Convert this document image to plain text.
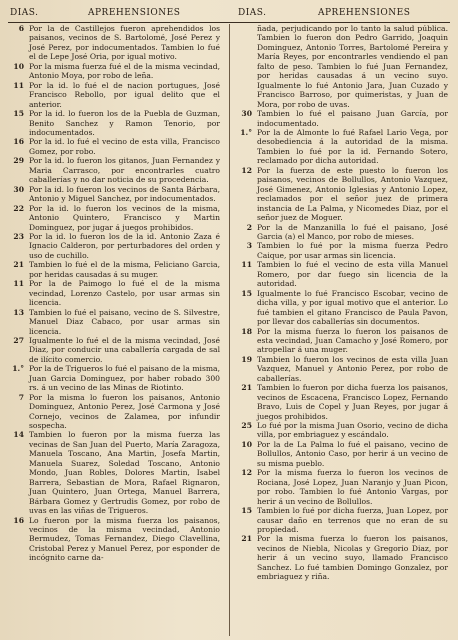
DIAS.	APREHENSIONES	DIAS.	APREHENSIONES
6 Por la de Castillejos fueron aprehendidos los paisanos, vecinos de S. Bartolomé, José Perez y José Perez, por indocumentados. Tambien lo fué el de Lepe José Oria, por igual motivo.
10 Por la misma fuerza fué el de la misma vecindad, Antonio Moya, por robo de leña.
11 Por la id. lo fué el de nacion portugues, José Francisco Rebollo, por igual delito que el anterior.
15 Por la id. lo fueron los de la Puebla de Guzman, Benito Sanchez y Ramon Tenorio, por indocumentados.
16 Por la id. lo fué el vecino de esta villa, Francisco Gomez, por robo.
29 Por la id. lo fueron los gitanos, Juan Fernandez y Maria Carrasco, por encontrarles cuatro caballerías y no dar noticia de su procedencia.
30 Por la id. lo fueron los vecinos de Santa Bárbara, Antonio y Miguel Sanchez, por indocumentados.
22 Por la id. lo fueron los vecinos de la misma, Antonio Quintero, Francisco y Martin Dominguez, por jugar á juegos prohibidos.
23 Por la id. lo fueron los de la id. Antonio Zaza é Ignacio Calderon, por perturbadores del orden y uso de cuchillo.
21 Tambien lo fué el de la misma, Feliciano Garcia, por heridas causadas á su muger.
11 Por la de Paimogo lo fué el de la misma vecindad, Lorenzo Castelo, por usar armas sin licencia.
13 Tambien lo fué el paisano, vecino de S. Silvestre, Manuel Diaz Cabaco, por usar armas sin licencia.
27 Igualmente lo fué el de la misma vecindad, José Diaz, por conducir una caballería cargada de sal de ilícito comercio.
1.° Por la de Trigueros lo fué el paisano de la misma, Juan Garcia Dominguez, por haber robado 300 rs. á un vecino de las Minas de Riotinto.
7 Por la misma lo fueron los paisanos, Antonio Dominguez, Antonio Perez, José Carmona y José Cornejo, vecinos de Zalamea, por infundir sospecha.
14 Tambien lo fueron por la misma fuerza las vecinas de San Juan del Puerto, María Zaragoza, Manuela Toscano, Ana Martin, Josefa Martin, Manuela Suarez, Soledad Toscano, Antonio Mondo, Juan Robles, Dolores Martin, Isabel Barrera, Sebastian de Mora, Rafael Rignaron, Juan Quintero, Juan Ortega, Manuel Barrera, Bárbara Gomez y Gertrudis Gomez, por robo de uvas en las viñas de Trigueros.
16 Lo fueron por la misma fuerza los paisanos, vecinos de la misma vecindad, Antonio Bermudez, Tomas Fernandez, Diego Clavellina, Cristobal Perez y Manuel Perez, por esponder de incógnito carne da-
ñada, perjudicando por lo tanto la salud pública. Tambien lo fueron don Pedro Garrido, Joaquin Dominguez, Antonio Torres, Bartolomé Pereira y María Reyes, por encontrarles vendiendo el pan falto de peso. Tambien lo fué Juan Fernandez, por heridas causadas á un vecino suyo. Igualmente lo fué Antonio Jara, Juan Cuzado y Francisco Barroso, por quimeristas, y Juan de Mora, por robo de uvas.
30 Tambien lo fué el paisano Juan García, por indocumentado.
1.° Por la de Almonte lo fué Rafael Lario Vega, por desobediencia á la autoridad de la misma. Tambien lo fué por la id. Fernando Sotero, reclamado por dicha autoridad.
12 Por la fuerza de este puesto lo fueron los paisanos, vecinos de Bollullos, Antonio Vazquez, José Gimenez, Antonio Iglesias y Antonio Lopez, reclamados por el señor juez de primera instancia de La Palma, y Nicomedes Diaz, por el señor juez de Moguer.
2 Por la de Manzanilla lo fué el paisano, José Garcia (a) el Manco, por robo de mieses.
3 Tambien lo fué por la misma fuerza Pedro Caique, por usar armas sin licencia.
11 Tambien lo fué el vecino de esta villa Manuel Romero, por dar fuego sin licencia de la autoridad.
15 Igualmente lo fué Francisco Escobar, vecino de dicha villa, y por igual motivo que el anterior. Lo fué tambien el gitano Francisco de Paula Pavon, por llevar dos caballerías sin documentos.
18 Por la misma fuerza lo fueron los paisanos de esta vecindad, Juan Camacho y José Romero, por atropellar á una muger.
19 Tambien lo fueron los vecinos de esta villa Juan Vazquez, Manuel y Antonio Perez, por robo de caballerías.
21 Tambien lo fueron por dicha fuerza los paisanos, vecinos de Escacena, Francisco Lopez, Fernando Bravo, Luis de Copel y Juan Reyes, por jugar á juegos prohibidos.
25 Lo fué por la misma Juan Osorio, vecino de dicha villa, por embriaguez y escándalo.
10 Por la de La Palma lo fué el paisano, vecino de Bollullos, Antonio Caso, por herir á un vecino de su misma pueblo.
12 Por la misma fuerza lo fueron los vecinos de Rociana, José Lopez, Juan Naranjo y Juan Picon, por robo. Tambien lo fué Antonio Vargas, por herir á un vecino de Bollullos.
15 Tambien lo fué por dicha fuerza, Juan Lopez, por causar daño en terrenos que no eran de su propiedad.
21 Por la misma fuerza lo fueron los paisanos, vecinos de Niebla, Nicolas y Gregorio Diaz, por herir á un vecino suyo, llamado Francisco Sanchez. Lo fué tambien Domingo Gonzalez, por embriaguez y riña.
